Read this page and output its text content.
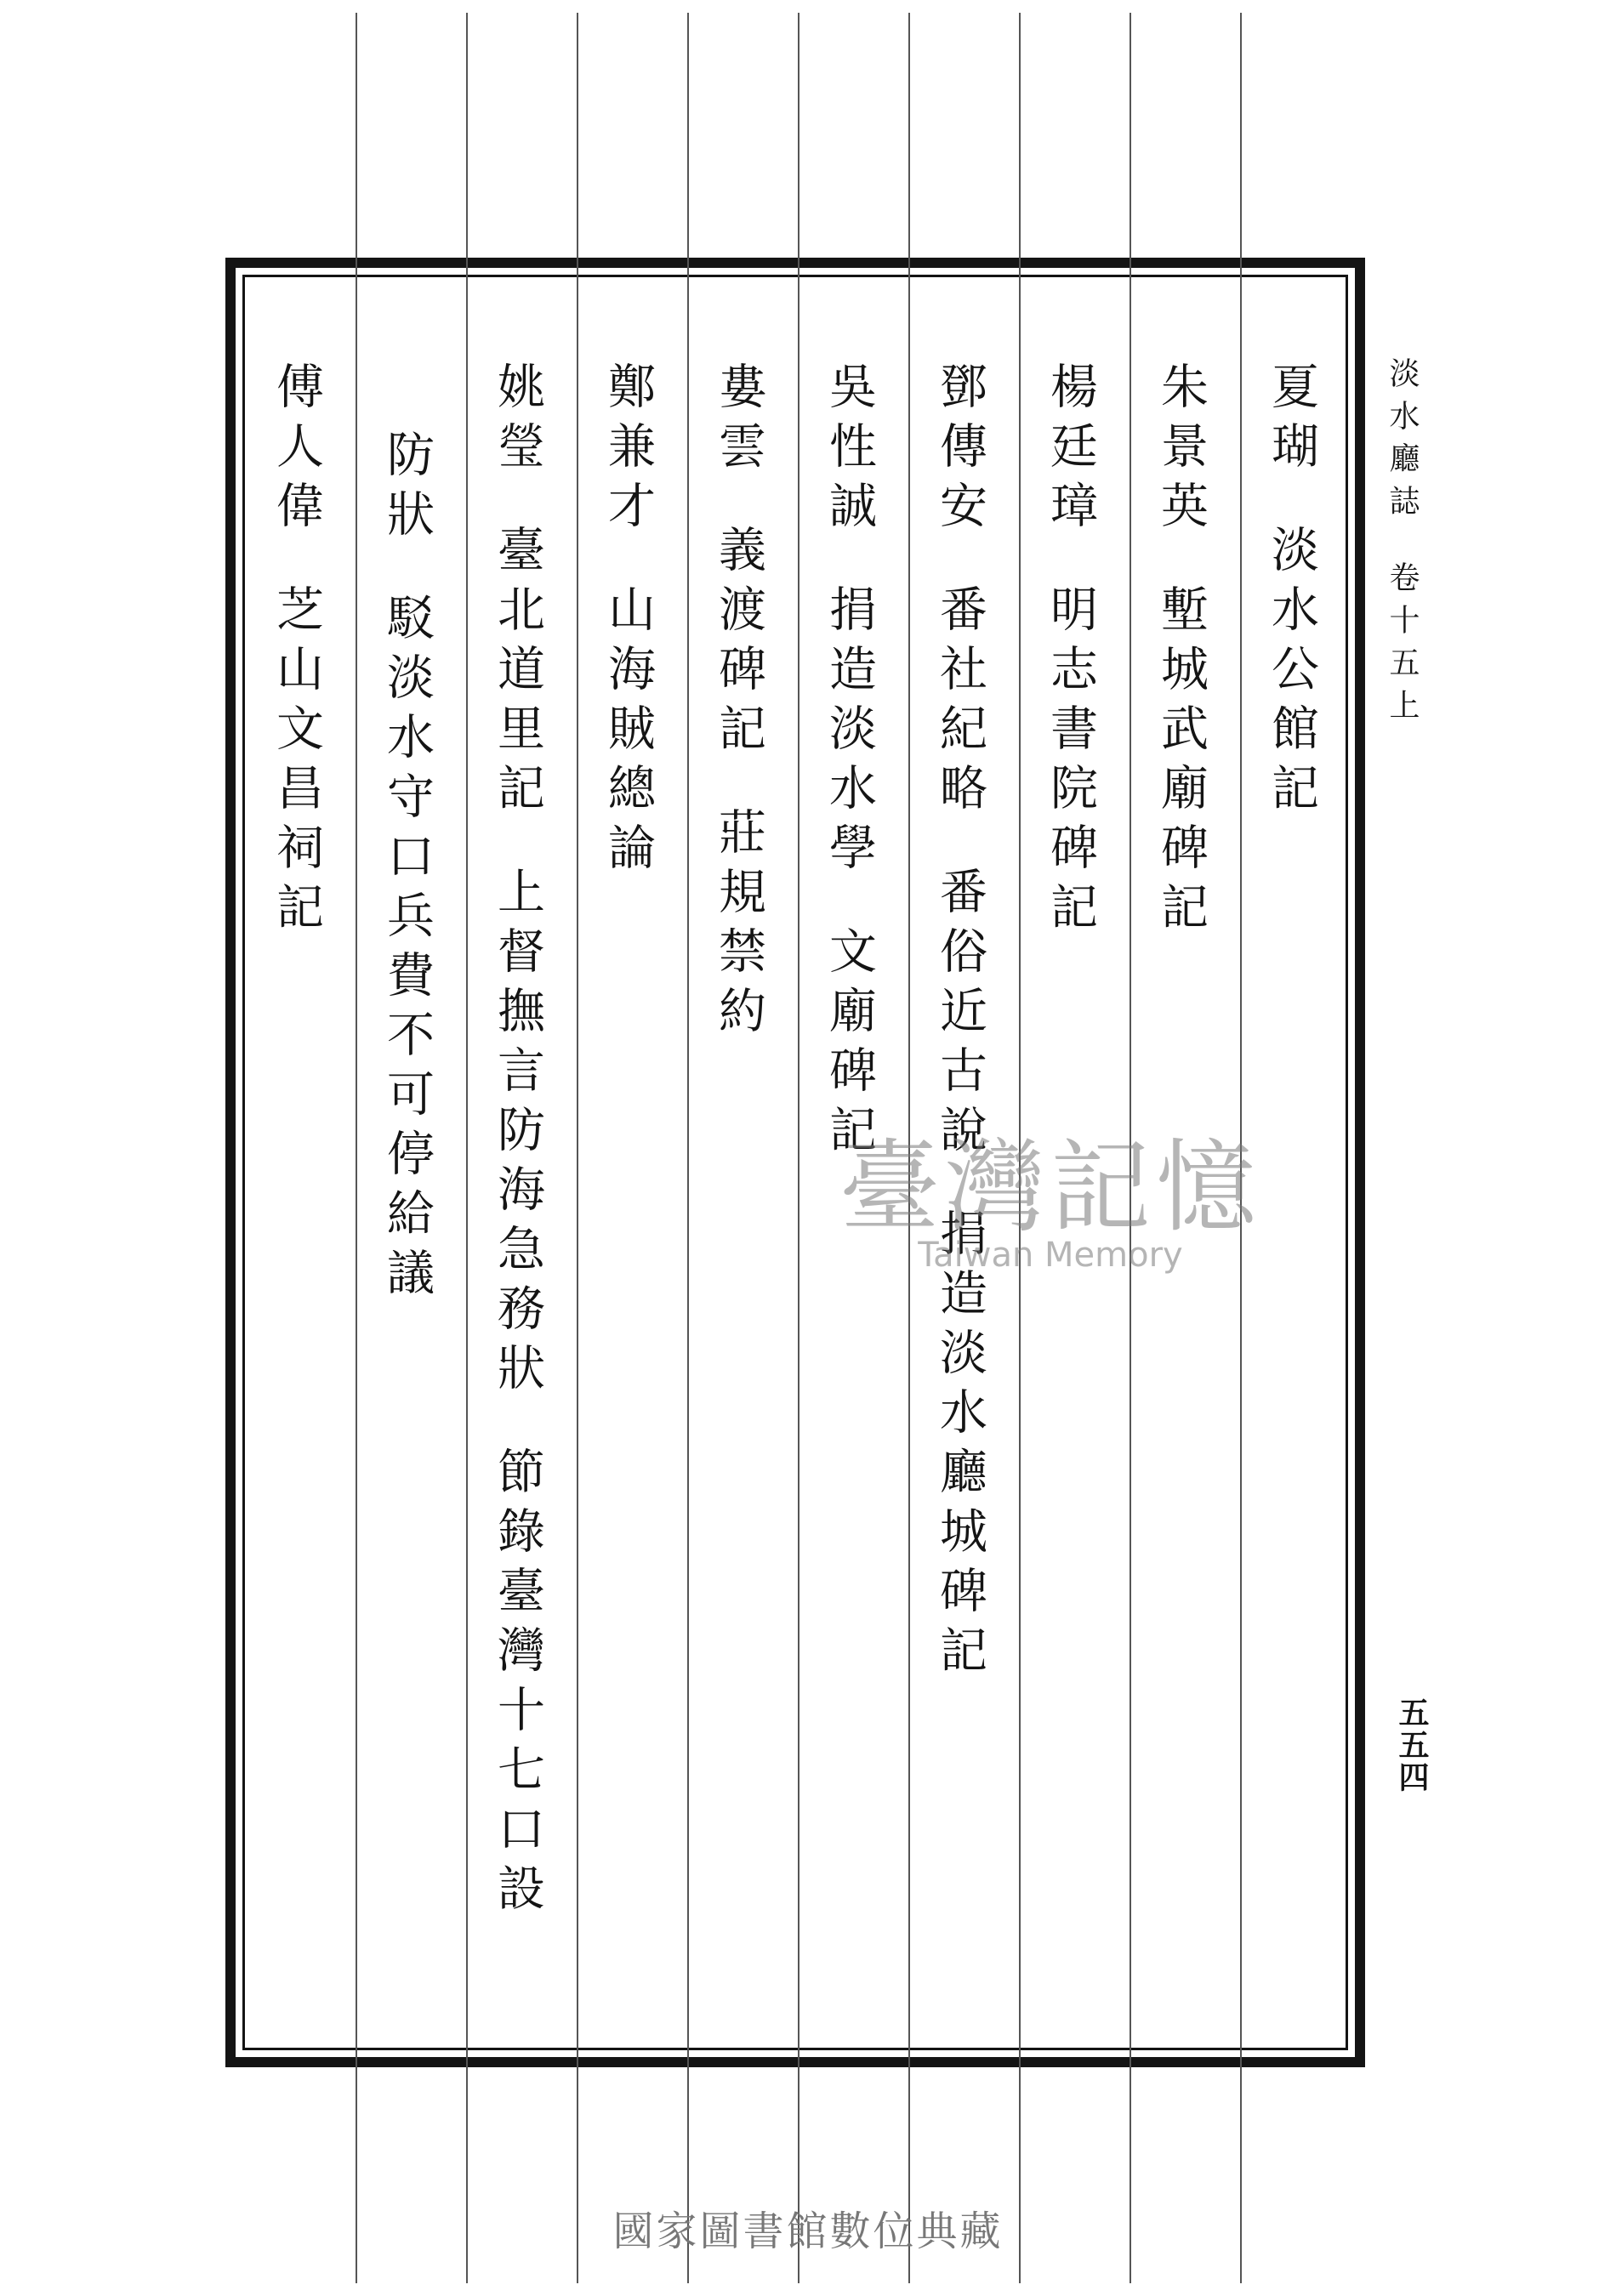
夏瑚淡水公館記
朱景英塹城武廟碑記
楊廷璋明志書院碑記
鄧傳安番社紀略番俗近古說捐造淡水廳城碑記
吳性誠捐造淡水學文廟碑記
婁雲義渡碑記莊規禁約
鄭兼才山海賊總論
姚瑩臺北道里記上督撫言防海急務狀節錄臺灣十七口設
防狀駁淡水守口兵費不可停給議
傅人偉芝山文昌祠記
淡水廳誌卷十五上
五五四
臺灣記憶
Taiwan Memory
國家圖書館數位典藏
